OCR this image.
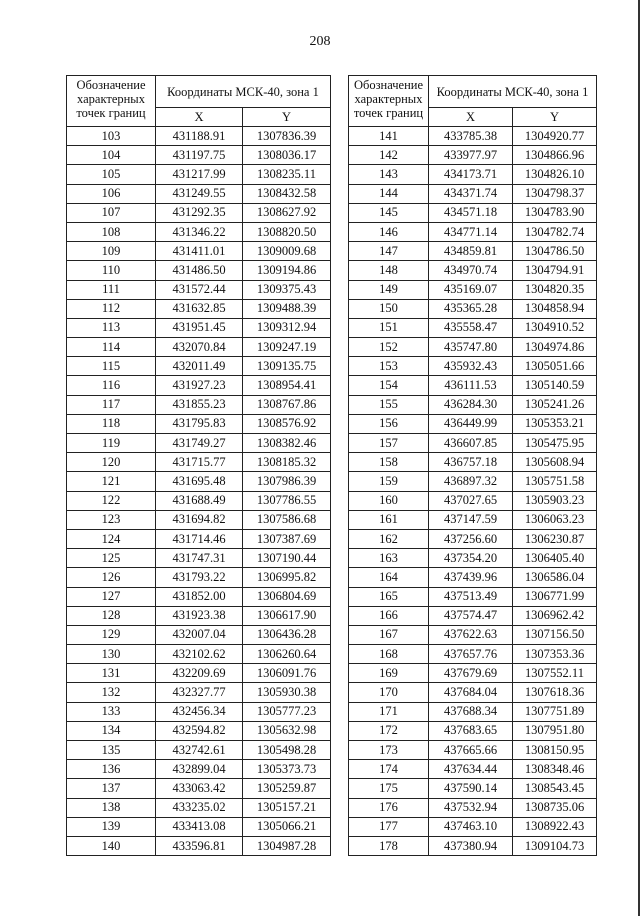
208
Обозначение характерных точек границ	Координаты МСК-40, зона 1	
	X	Y
103	431188.91	1307836.39
104	431197.75	1308036.17
105	431217.99	1308235.11
106	431249.55	1308432.58
107	431292.35	1308627.92
108	431346.22	1308820.50
109	431411.01	1309009.68
110	431486.50	1309194.86
111	431572.44	1309375.43
112	431632.85	1309488.39
113	431951.45	1309312.94
114	432070.84	1309247.19
115	432011.49	1309135.75
116	431927.23	1308954.41
117	431855.23	1308767.86
118	431795.83	1308576.92
119	431749.27	1308382.46
120	431715.77	1308185.32
121	431695.48	1307986.39
122	431688.49	1307786.55
123	431694.82	1307586.68
124	431714.46	1307387.69
125	431747.31	1307190.44
126	431793.22	1306995.82
127	431852.00	1306804.69
128	431923.38	1306617.90
129	432007.04	1306436.28
130	432102.62	1306260.64
131	432209.69	1306091.76
132	432327.77	1305930.38
133	432456.34	1305777.23
134	432594.82	1305632.98
135	432742.61	1305498.28
136	432899.04	1305373.73
137	433063.42	1305259.87
138	433235.02	1305157.21
139	433413.08	1305066.21
140	433596.81	1304987.28
Обозначение характерных точек границ	Координаты МСК-40, зона 1	
	X	Y
141	433785.38	1304920.77
142	433977.97	1304866.96
143	434173.71	1304826.10
144	434371.74	1304798.37
145	434571.18	1304783.90
146	434771.14	1304782.74
147	434859.81	1304786.50
148	434970.74	1304794.91
149	435169.07	1304820.35
150	435365.28	1304858.94
151	435558.47	1304910.52
152	435747.80	1304974.86
153	435932.43	1305051.66
154	436111.53	1305140.59
155	436284.30	1305241.26
156	436449.99	1305353.21
157	436607.85	1305475.95
158	436757.18	1305608.94
159	436897.32	1305751.58
160	437027.65	1305903.23
161	437147.59	1306063.23
162	437256.60	1306230.87
163	437354.20	1306405.40
164	437439.96	1306586.04
165	437513.49	1306771.99
166	437574.47	1306962.42
167	437622.63	1307156.50
168	437657.76	1307353.36
169	437679.69	1307552.11
170	437684.04	1307618.36
171	437688.34	1307751.89
172	437683.65	1307951.80
173	437665.66	1308150.95
174	437634.44	1308348.46
175	437590.14	1308543.45
176	437532.94	1308735.06
177	437463.10	1308922.43
178	437380.94	1309104.73
